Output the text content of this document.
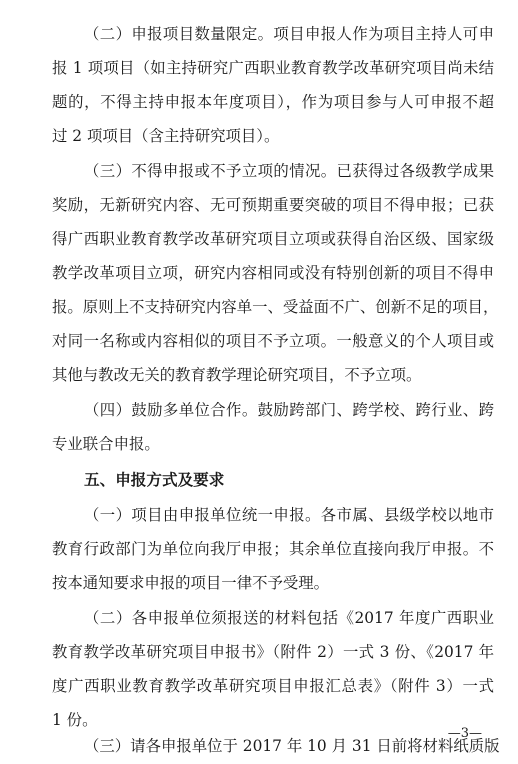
（二）申报项目数量限定。项目申报人作为项目主持人可申
报 1 项项目（如主持研究广西职业教育教学改革研究项目尚未结
题的，不得主持申报本年度项目），作为项目参与人可申报不超
过 2 项项目（含主持研究项目）。
（三）不得申报或不予立项的情况。已获得过各级教学成果
奖励，无新研究内容、无可预期重要突破的项目不得申报；已获
得广西职业教育教学改革研究项目立项或获得自治区级、国家级
教学改革项目立项，研究内容相同或没有特别创新的项目不得申
报。原则上不支持研究内容单一、受益面不广、创新不足的项目，
对同一名称或内容相似的项目不予立项。一般意义的个人项目或
其他与教改无关的教育教学理论研究项目，不予立项。
（四）鼓励多单位合作。鼓励跨部门、跨学校、跨行业、跨
专业联合申报。
五、申报方式及要求
（一）项目由申报单位统一申报。各市属、县级学校以地市
教育行政部门为单位向我厅申报；其余单位直接向我厅申报。不
按本通知要求申报的项目一律不予受理。
（二）各申报单位须报送的材料包括《2017 年度广西职业
教育教学改革研究项目申报书》（附件 2）一式 3 份、《2017 年
度广西职业教育教学改革研究项目申报汇总表》（附件 3）一式
1 份。
（三）请各申报单位于 2017 年 10 月 31 日前将材料纸质版
—3—
